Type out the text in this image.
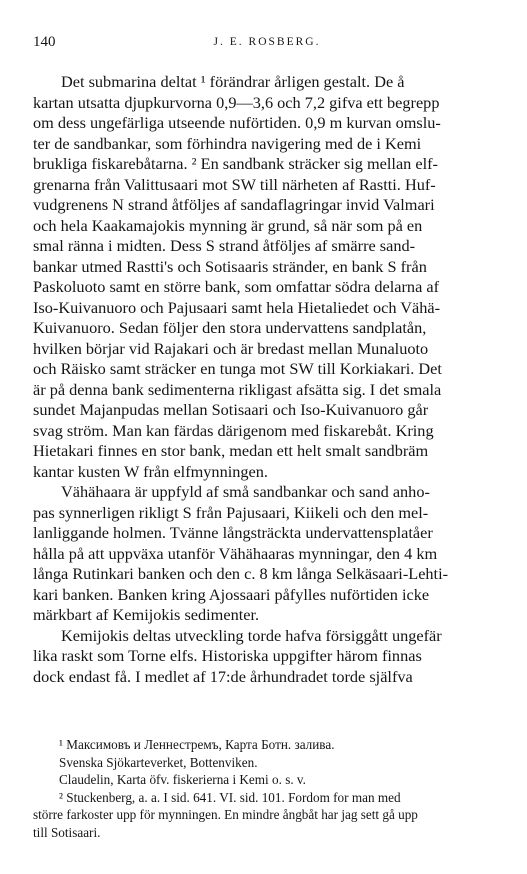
140	J. E. ROSBERG.
Det submarina deltat ¹ förändrar årligen gestalt. De å
kartan utsatta djupkurvorna 0,9—3,6 och 7,2 gifva ett begrepp
om dess ungefärliga utseende nuförtiden. 0,9 m kurvan omslu-
ter de sandbankar, som förhindra navigering med de i Kemi
brukliga fiskarebåtarna. ² En sandbank sträcker sig mellan elf-
grenarna från Valittusaari mot SW till närheten af Rastti. Huf-
vudgrenens N strand åtföljes af sandaflagringar invid Valmari
och hela Kaakamajokis mynning är grund, så när som på en
smal ränna i midten. Dess S strand åtföljes af smärre sand-
bankar utmed Rastti's och Sotisaaris stränder, en bank S från
Paskoluoto samt en större bank, som omfattar södra delarna af
Iso-Kuivanuoro och Pajusaari samt hela Hietaliedet och Vähä-
Kuivanuoro. Sedan följer den stora undervattens sandplatån,
hvilken börjar vid Rajakari och är bredast mellan Munaluoto
och Räisko samt sträcker en tunga mot SW till Korkiakari. Det
är på denna bank sedimenterna rikligast afsätta sig. I det smala
sundet Majanpudas mellan Sotisaari och Iso-Kuivanuoro går
svag ström. Man kan färdas därigenom med fiskarebåt. Kring
Hietakari finnes en stor bank, medan ett helt smalt sandbräm
kantar kusten W från elfmynningen.
Vähähaara är uppfyld af små sandbankar och sand anho-
pas synnerligen rikligt S från Pajusaari, Kiikeli och den mel-
lanliggande holmen. Tvänne långsträckta undervattensplatåer
hålla på att uppväxa utanför Vähähaaras mynningar, den 4 km
långa Rutinkari banken och den c. 8 km långa Selkäsaari-Lehti-
kari banken. Banken kring Ajossaari påfylles nuförtiden icke
märkbart af Kemijokis sedimenter.
Kemijokis deltas utveckling torde hafva försiggått ungefär
lika raskt som Torne elfs. Historiska uppgifter härom finnas
dock endast få. I medlet af 17:de århundradet torde själfva
¹ Максимовъ и Леннестремъ, Карта Ботн. залива.
Svenska Sjökarteverket, Bottenviken.
Claudelin, Karta öfv. fiskerierna i Kemi o. s. v.
² Stuckenberg, a. a. I sid. 641. VI. sid. 101. Fordom for man med
större farkoster upp för mynningen. En mindre ångbåt har jag sett gå upp
till Sotisaari.
